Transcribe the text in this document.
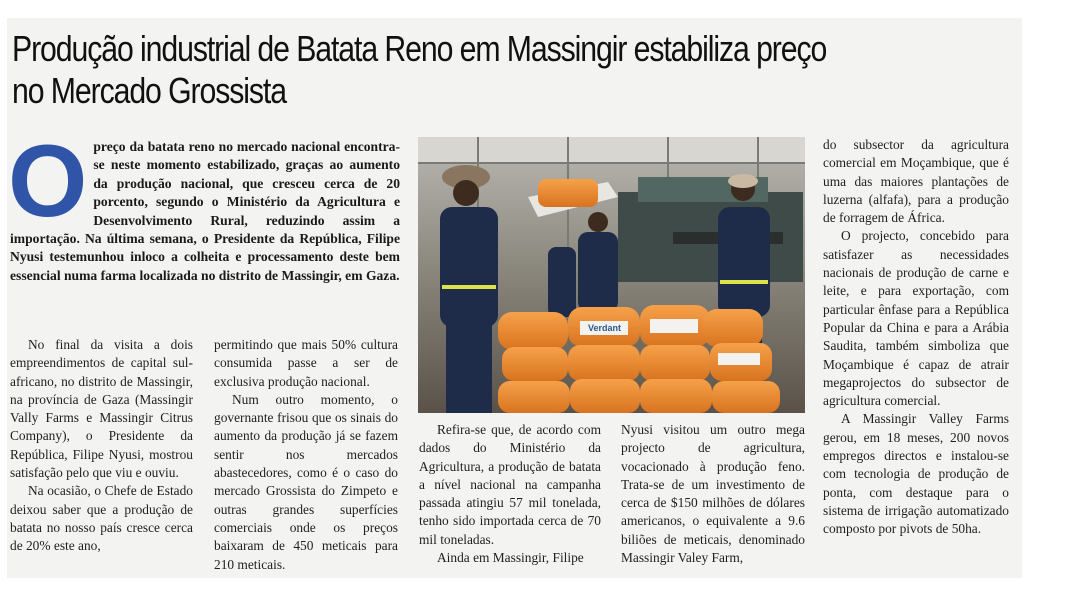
Produção industrial de Batata Reno em Massingir estabiliza preço no Mercado Grossista
O preço da batata reno no mercado nacional encontra-se neste momento estabilizado, graças ao aumento da produção nacional, que cresceu cerca de 20 porcento, segundo o Ministério da Agricultura e Desenvolvimento Rural, reduzindo assim a importação. Na última semana, o Presidente da República, Filipe Nyusi testemunhou inloco a colheita e processamento deste bem essencial numa farma localizada no distrito de Massingir, em Gaza.

No final da visita a dois empreendimentos de capital sul-africano, no distrito de Massingir, na província de Gaza (Massingir Vally Farms e Massingir Citrus Company), o Presidente da República, Filipe Nyusi, mostrou satisfação pelo que viu e ouviu.

Na ocasião, o Chefe de Estado deixou saber que a produção de batata no nosso país cresce cerca de 20% este ano,

permitindo que mais 50% cultura consumida passe a ser de exclusiva produção nacional.

Num outro momento, o governante frisou que os sinais do aumento da produção já se fazem sentir nos mercados abastecedores, como é o caso do mercado Grossista do Zimpeto e outras grandes superfícies comerciais onde os preços baixaram de 450 meticais para 210 meticais.

Verdant

Refira-se que, de acordo com dados do Ministério da Agricultura, a produção de batata a nível nacional na campanha passada atingiu 57 mil tonelada, tenho sido importada cerca de 70 mil toneladas.

Ainda em Massingir, Filipe

Nyusi visitou um outro mega projecto de agricultura, vocacionado à produção feno. Trata-se de um investimento de cerca de $150 milhões de dólares americanos, o equivalente a 9.6 biliões de meticais, denominado Massingir Valey Farm,

do subsector da agricultura comercial em Moçambique, que é uma das maiores plantações de luzerna (alfafa), para a produção de forragem de África.

O projecto, concebido para satisfazer as necessidades nacionais de produção de carne e leite, e para exportação, com particular ênfase para a República Popular da China e para a Arábia Saudita, também simboliza que Moçambique é capaz de atrair megaprojectos do subsector de agricultura comercial.

A Massingir Valley Farms gerou, em 18 meses, 200 novos empregos directos e instalou-se com tecnologia de produção de ponta, com destaque para o sistema de irrigação automatizado composto por pivots de 50ha.
